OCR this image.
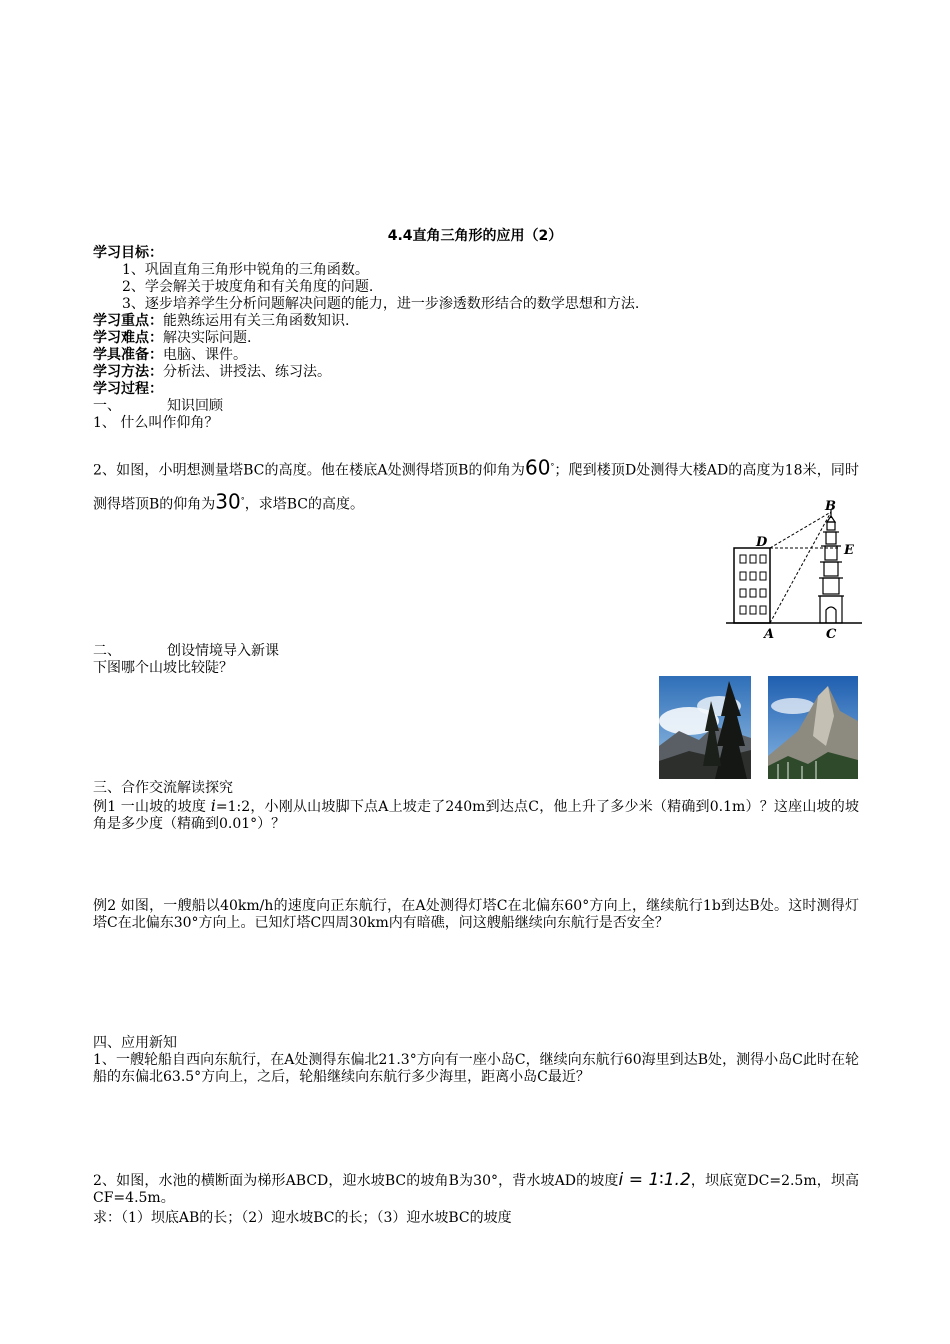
4.4直角三角形的应用（2）
学习目标：
1、巩固直角三角形中锐角的三角函数。
2、学会解关于坡度角和有关角度的问题.
3、逐步培养学生分析问题解决问题的能力，进一步渗透数形结合的数学思想和方法.
学习重点：能熟练运用有关三角函数知识.
学习难点：解决实际问题.
学具准备：电脑、课件。
学习方法：分析法、讲授法、练习法。
学习过程：
一、	知识回顾
1、 什么叫作仰角？
2、如图，小明想测量塔BC的高度。他在楼底A处测得塔顶B的仰角为60°；爬到楼顶D处测得大楼AD的高度为18米，同时测得塔顶B的仰角为30°，求塔BC的高度。
D
B
E
A	C
二、	创设情境导入新课
下图哪个山坡比较陡？
三、合作交流解读探究
例1 一山坡的坡度 i=1:2，小刚从山坡脚下点A上坡走了240m到达点C，他上升了多少米（精确到0.1m）？这座山坡的坡角是多少度（精确到0.01°）？
例2 如图，一艘船以40km/h的速度向正东航行，在A处测得灯塔C在北偏东60°方向上，继续航行1b到达B处。这时测得灯塔C在北偏东30°方向上。已知灯塔C四周30km内有暗礁，问这艘船继续向东航行是否安全？
四、应用新知
1、一艘轮船自西向东航行，在A处测得东偏北21.3°方向有一座小岛C，继续向东航行60海里到达B处，测得小岛C此时在轮船的东偏北63.5°方向上，之后，轮船继续向东航行多少海里，距离小岛C最近？
2、如图，水池的横断面为梯形ABCD，迎水坡BC的坡角B为30°，背水坡AD的坡度i = 1∶1.2，坝底宽DC=2.5m，坝高CF=4.5m。
求：（1）坝底AB的长；（2）迎水坡BC的长；（3）迎水坡BC的坡度
